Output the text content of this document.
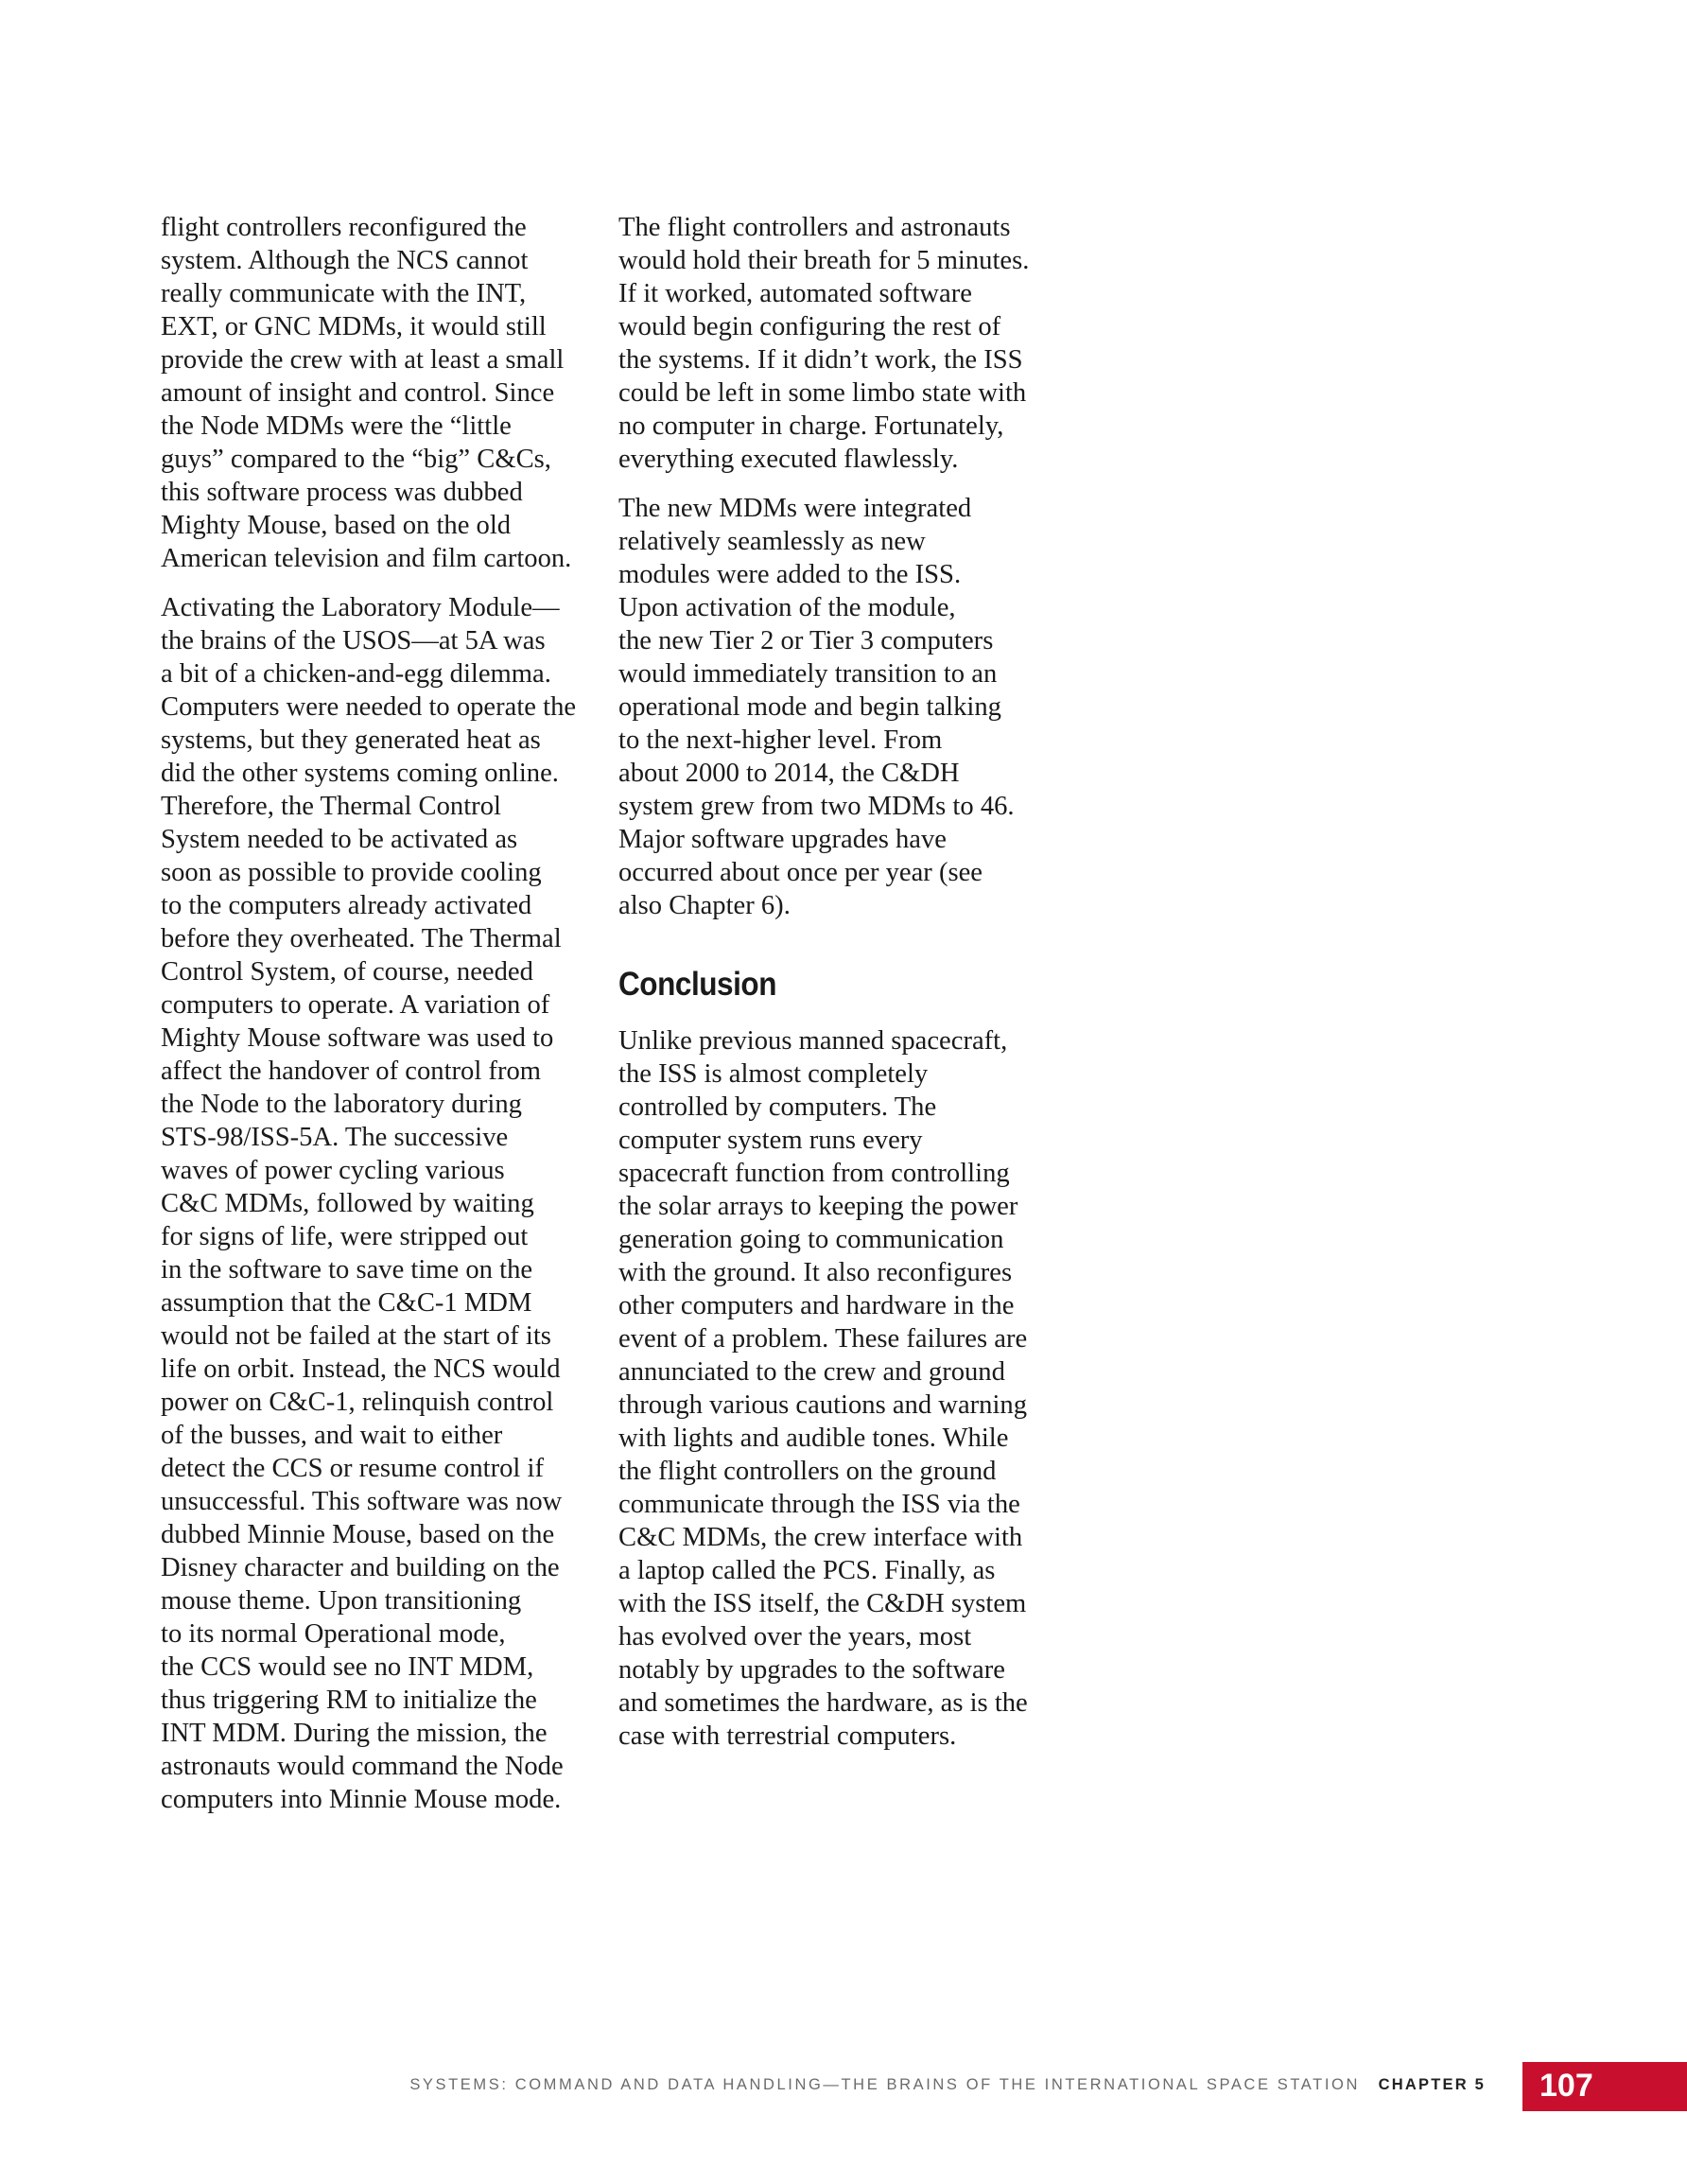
flight controllers reconfigured the
system. Although the NCS cannot
really communicate with the INT,
EXT, or GNC MDMs, it would still
provide the crew with at least a small
amount of insight and control. Since
the Node MDMs were the “little
guys” compared to the “big” C&Cs,
this software process was dubbed
Mighty Mouse, based on the old
American television and film cartoon.

Activating the Laboratory Module—
the brains of the USOS—at 5A was
a bit of a chicken-and-egg dilemma.
Computers were needed to operate the
systems, but they generated heat as
did the other systems coming online.
Therefore, the Thermal Control
System needed to be activated as
soon as possible to provide cooling
to the computers already activated
before they overheated. The Thermal
Control System, of course, needed
computers to operate. A variation of
Mighty Mouse software was used to
affect the handover of control from
the Node to the laboratory during
STS-98/ISS-5A. The successive
waves of power cycling various
C&C MDMs, followed by waiting
for signs of life, were stripped out
in the software to save time on the
assumption that the C&C-1 MDM
would not be failed at the start of its
life on orbit. Instead, the NCS would
power on C&C-1, relinquish control
of the busses, and wait to either
detect the CCS or resume control if
unsuccessful. This software was now
dubbed Minnie Mouse, based on the
Disney character and building on the
mouse theme. Upon transitioning
to its normal Operational mode,
the CCS would see no INT MDM,
thus triggering RM to initialize the
INT MDM. During the mission, the
astronauts would command the Node
computers into Minnie Mouse mode.

The flight controllers and astronauts
would hold their breath for 5 minutes.
If it worked, automated software
would begin configuring the rest of
the systems. If it didn’t work, the ISS
could be left in some limbo state with
no computer in charge. Fortunately,
everything executed flawlessly.

The new MDMs were integrated
relatively seamlessly as new
modules were added to the ISS.
Upon activation of the module,
the new Tier 2 or Tier 3 computers
would immediately transition to an
operational mode and begin talking
to the next-higher level. From
about 2000 to 2014, the C&DH
system grew from two MDMs to 46.
Major software upgrades have
occurred about once per year (see
also Chapter 6).

Conclusion

Unlike previous manned spacecraft,
the ISS is almost completely
controlled by computers. The
computer system runs every
spacecraft function from controlling
the solar arrays to keeping the power
generation going to communication
with the ground. It also reconfigures
other computers and hardware in the
event of a problem. These failures are
annunciated to the crew and ground
through various cautions and warning
with lights and audible tones. While
the flight controllers on the ground
communicate through the ISS via the
C&C MDMs, the crew interface with
a laptop called the PCS. Finally, as
with the ISS itself, the C&DH system
has evolved over the years, most
notably by upgrades to the software
and sometimes the hardware, as is the
case with terrestrial computers.

SYSTEMS: COMMAND AND DATA HANDLING—THE BRAINS OF THE INTERNATIONAL SPACE STATION CHAPTER 5 107
